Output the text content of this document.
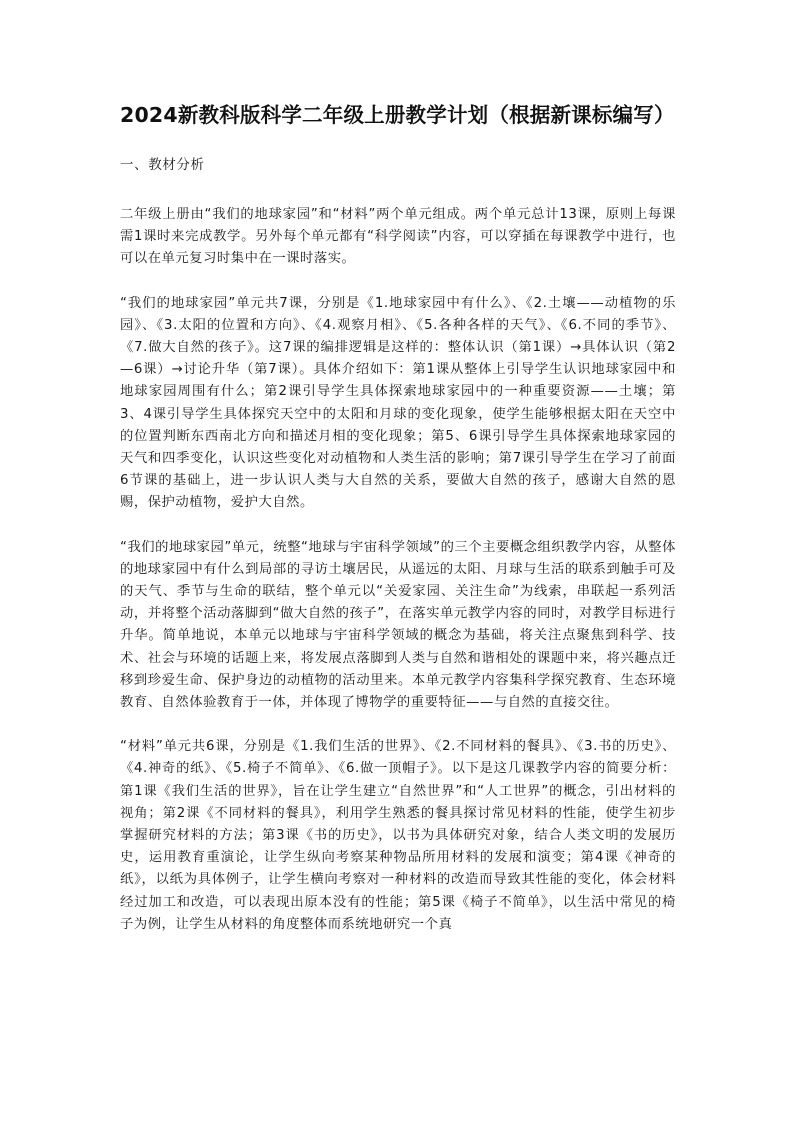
2024新教科版科学二年级上册教学计划（根据新课标编写）

一、教材分析

二年级上册由“我们的地球家园”和“材料”两个单元组成。两个单元总计13课，原则上每课需1课时来完成教学。另外每个单元都有“科学阅读”内容，可以穿插在每课教学中进行，也可以在单元复习时集中在一课时落实。

“我们的地球家园”单元共7课，分别是《1.地球家园中有什么》、《2.土壤——动植物的乐园》、《3.太阳的位置和方向》、《4.观察月相》、《5.各种各样的天气》、《6.不同的季节》、《7.做大自然的孩子》。这7课的编排逻辑是这样的：整体认识（第1课）→具体认识（第2—6课）→讨论升华（第7课）。具体介绍如下：第1课从整体上引导学生认识地球家园中和地球家园周围有什么；第2课引导学生具体探索地球家园中的一种重要资源——土壤；第3、4课引导学生具体探究天空中的太阳和月球的变化现象，使学生能够根据太阳在天空中的位置判断东西南北方向和描述月相的变化现象；第5、6课引导学生具体探索地球家园的天气和四季变化，认识这些变化对动植物和人类生活的影响；第7课引导学生在学习了前面6节课的基础上，进一步认识人类与大自然的关系，要做大自然的孩子，感谢大自然的恩赐，保护动植物，爱护大自然。

“我们的地球家园”单元，统整“地球与宇宙科学领域”的三个主要概念组织教学内容，从整体的地球家园中有什么到局部的寻访土壤居民，从遥远的太阳、月球与生活的联系到触手可及的天气、季节与生命的联结，整个单元以“关爱家园、关注生命”为线索，串联起一系列活动，并将整个活动落脚到“做大自然的孩子”，在落实单元教学内容的同时，对教学目标进行升华。简单地说，本单元以地球与宇宙科学领域的概念为基础，将关注点聚焦到科学、技术、社会与环境的话题上来，将发展点落脚到人类与自然和谐相处的课题中来，将兴趣点迁移到珍爱生命、保护身边的动植物的活动里来。本单元教学内容集科学探究教育、生态环境教育、自然体验教育于一体，并体现了博物学的重要特征——与自然的直接交往。

“材料”单元共6课，分别是《1.我们生活的世界》、《2.不同材料的餐具》、《3.书的历史》、《4.神奇的纸》、《5.椅子不简单》、《6.做一顶帽子》。以下是这几课教学内容的简要分析：第1课《我们生活的世界》，旨在让学生建立“自然世界”和“人工世界”的概念，引出材料的视角；第2课《不同材料的餐具》，利用学生熟悉的餐具探讨常见材料的性能，使学生初步掌握研究材料的方法；第3课《书的历史》，以书为具体研究对象，结合人类文明的发展历史，运用教育重演论，让学生纵向考察某种物品所用材料的发展和演变；第4课《神奇的纸》，以纸为具体例子，让学生横向考察对一种材料的改造而导致其性能的变化，体会材料经过加工和改造，可以表现出原本没有的性能；第5课《椅子不简单》，以生活中常见的椅子为例，让学生从材料的角度整体而系统地研究一个真
